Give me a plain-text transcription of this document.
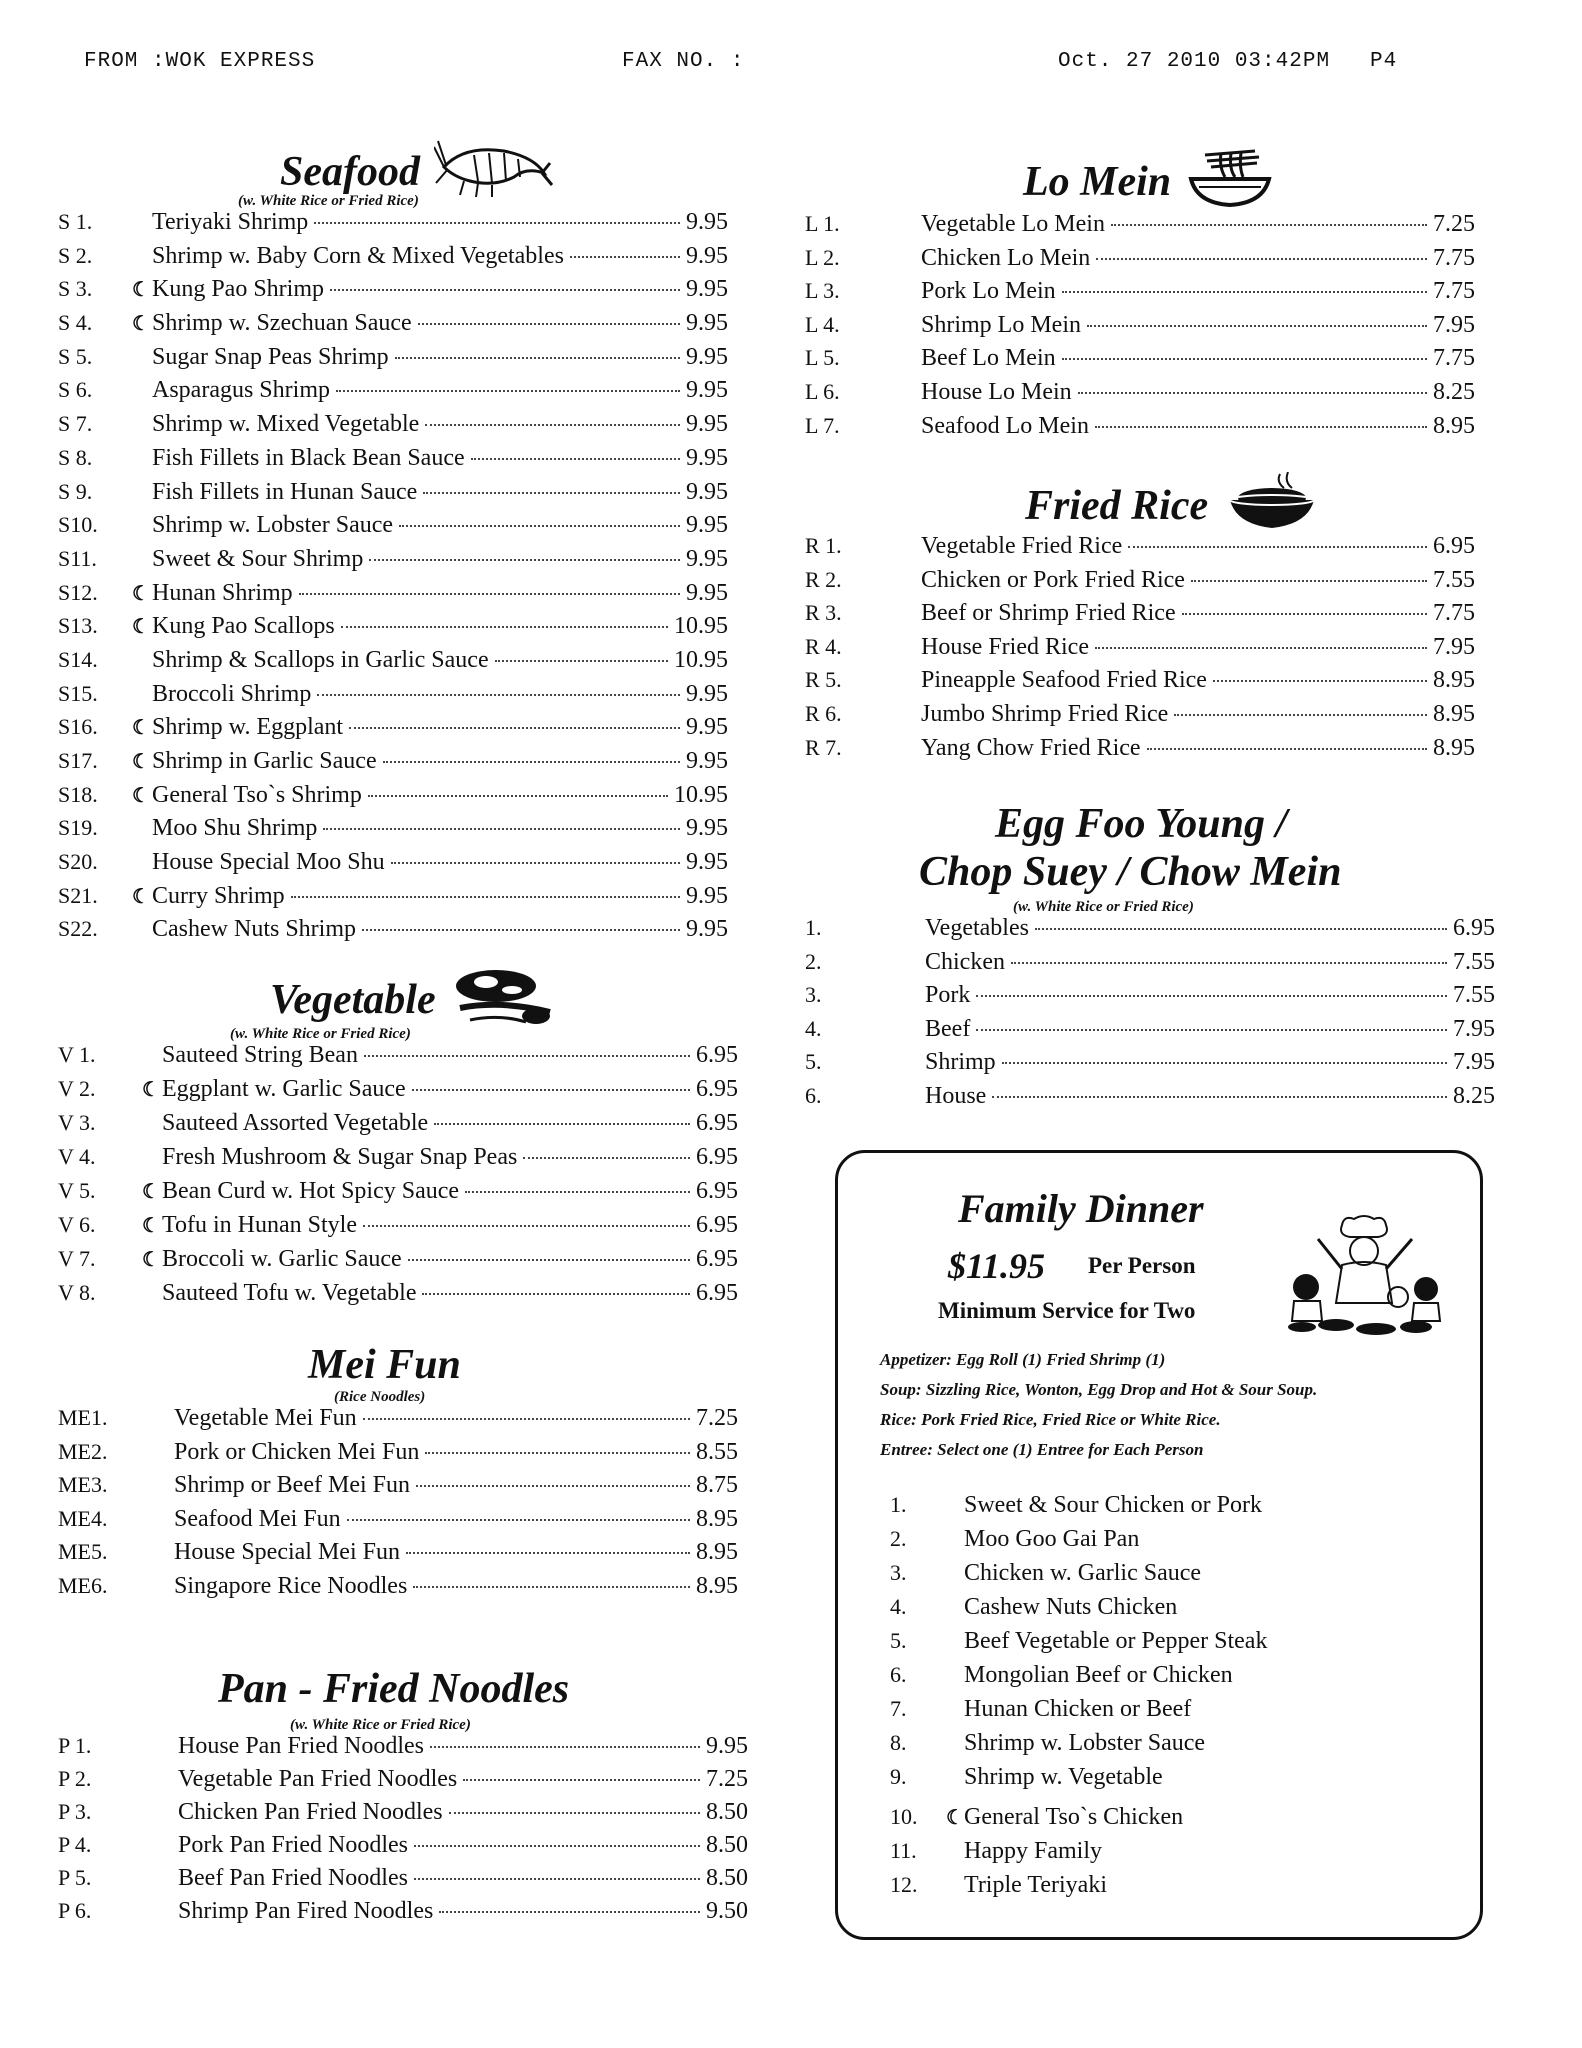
FROM :WOK EXPRESS	FAX NO. :	Oct. 27 2010 03:42PM P4
Seafood
(w. White Rice or Fried Rice)
S 1.	Teriyaki Shrimp	9.95
S 2.	Shrimp w. Baby Corn & Mixed Vegetables	9.95
S 3.	☾ Kung Pao Shrimp	9.95
S 4.	☾ Shrimp w. Szechuan Sauce	9.95
S 5.	Sugar Snap Peas Shrimp	9.95
S 6.	Asparagus Shrimp	9.95
S 7.	Shrimp w. Mixed Vegetable	9.95
S 8.	Fish Fillets in Black Bean Sauce	9.95
S 9.	Fish Fillets in Hunan Sauce	9.95
S10.	Shrimp w. Lobster Sauce	9.95
S11.	Sweet & Sour Shrimp	9.95
S12.	☾ Hunan Shrimp	9.95
S13.	☾ Kung Pao Scallops	10.95
S14.	Shrimp & Scallops in Garlic Sauce	10.95
S15.	Broccoli Shrimp	9.95
S16.	☾ Shrimp w. Eggplant	9.95
S17.	☾ Shrimp in Garlic Sauce	9.95
S18.	☾ General Tso`s Shrimp	10.95
S19.	Moo Shu Shrimp	9.95
S20.	House Special Moo Shu	9.95
S21.	☾ Curry Shrimp	9.95
S22.	Cashew Nuts Shrimp	9.95
Vegetable
(w. White Rice or Fried Rice)
V 1.	Sauteed String Bean	6.95
V 2.	☾ Eggplant w. Garlic Sauce	6.95
V 3.	Sauteed Assorted Vegetable	6.95
V 4.	Fresh Mushroom & Sugar Snap Peas	6.95
V 5.	☾ Bean Curd w. Hot Spicy Sauce	6.95
V 6.	☾ Tofu in Hunan Style	6.95
V 7.	☾ Broccoli w. Garlic Sauce	6.95
V 8.	Sauteed Tofu w. Vegetable	6.95
Mei Fun
(Rice Noodles)
ME1.	Vegetable Mei Fun	7.25
ME2.	Pork or Chicken Mei Fun	8.55
ME3.	Shrimp or Beef Mei Fun	8.75
ME4.	Seafood Mei Fun	8.95
ME5.	House Special Mei Fun	8.95
ME6.	Singapore Rice Noodles	8.95
Pan - Fried Noodles
(w. White Rice or Fried Rice)
P 1.	House Pan Fried Noodles	9.95
P 2.	Vegetable Pan Fried Noodles	7.25
P 3.	Chicken Pan Fried Noodles	8.50
P 4.	Pork Pan Fried Noodles	8.50
P 5.	Beef Pan Fried Noodles	8.50
P 6.	Shrimp Pan Fired Noodles	9.50
Lo Mein
L 1.	Vegetable Lo Mein	7.25
L 2.	Chicken Lo Mein	7.75
L 3.	Pork Lo Mein	7.75
L 4.	Shrimp Lo Mein	7.95
L 5.	Beef Lo Mein	7.75
L 6.	House Lo Mein	8.25
L 7.	Seafood Lo Mein	8.95
Fried Rice
R 1.	Vegetable Fried Rice	6.95
R 2.	Chicken or Pork Fried Rice	7.55
R 3.	Beef or Shrimp Fried Rice	7.75
R 4.	House Fried Rice	7.95
R 5.	Pineapple Seafood Fried Rice	8.95
R 6.	Jumbo Shrimp Fried Rice	8.95
R 7.	Yang Chow Fried Rice	8.95
Egg Foo Young /
Chop Suey / Chow Mein
(w. White Rice or Fried Rice)
1.	Vegetables	6.95
2.	Chicken	7.55
3.	Pork	7.55
4.	Beef	7.95
5.	Shrimp	7.95
6.	House	8.25
Family Dinner
$11.95 Per Person
Minimum Service for Two
Appetizer: Egg Roll (1) Fried Shrimp (1)
Soup: Sizzling Rice, Wonton, Egg Drop and Hot & Sour Soup.
Rice: Pork Fried Rice, Fried Rice or White Rice.
Entree: Select one (1) Entree for Each Person
1.	Sweet & Sour Chicken or Pork
2.	Moo Goo Gai Pan
3.	Chicken w. Garlic Sauce
4.	Cashew Nuts Chicken
5.	Beef Vegetable or Pepper Steak
6.	Mongolian Beef or Chicken
7.	Hunan Chicken or Beef
8.	Shrimp w. Lobster Sauce
9.	Shrimp w. Vegetable
10.	☾ General Tso`s Chicken
11.	Happy Family
12.	Triple Teriyaki
